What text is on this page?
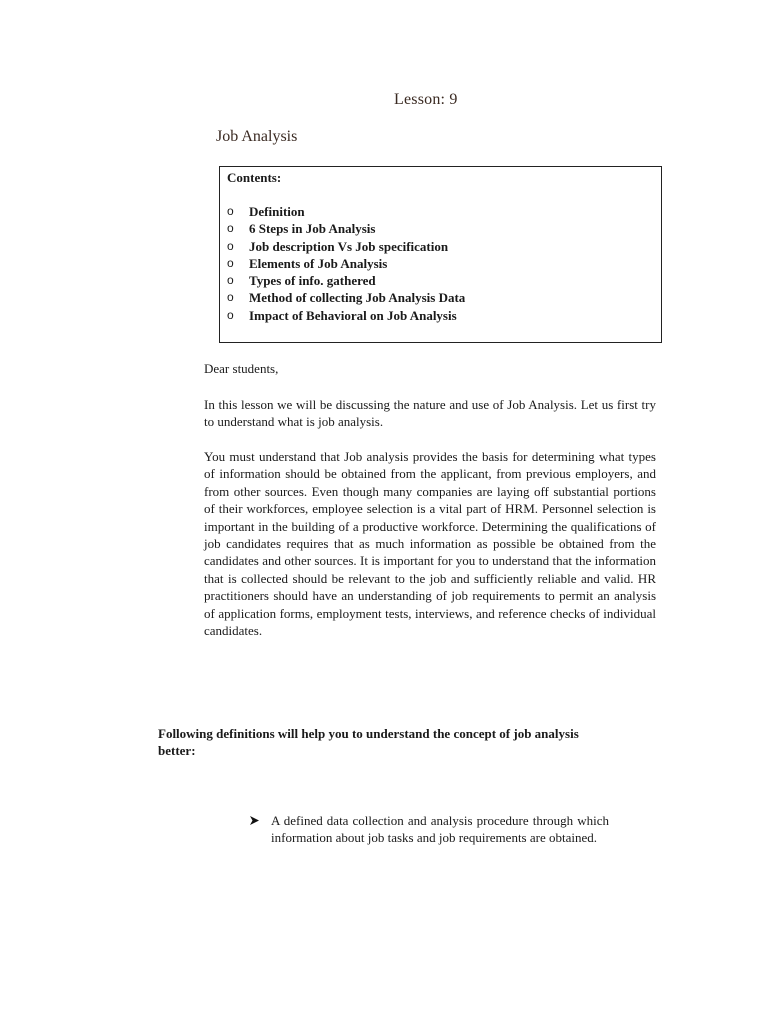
Lesson: 9
Job Analysis
Contents:
o	Definition
o	6 Steps in Job Analysis
o	Job description Vs Job specification
o	Elements of Job Analysis
o	Types of info. gathered
o	Method of collecting Job Analysis Data
o	Impact of Behavioral on Job Analysis
Dear students,

In this lesson we will be discussing the nature and use of Job Analysis. Let us first try to understand what is job analysis.

You must understand that Job analysis provides the basis for determining what types of information should be obtained from the applicant, from previous employers, and from other sources. Even though many companies are laying off substantial portions of their workforces, employee selection is a vital part of HRM. Personnel selection is important in the building of a productive workforce. Determining the qualifications of job candidates requires that as much information as possible be obtained from the candidates and other sources. It is important for you to understand that the information that is collected should be relevant to the job and sufficiently reliable and valid. HR practitioners should have an understanding of job requirements to permit an analysis of application forms, employment tests, interviews, and reference checks of individual candidates.

Following definitions will help you to understand the concept of job analysis better:

A defined data collection and analysis procedure through which information about job tasks and job requirements are obtained.
